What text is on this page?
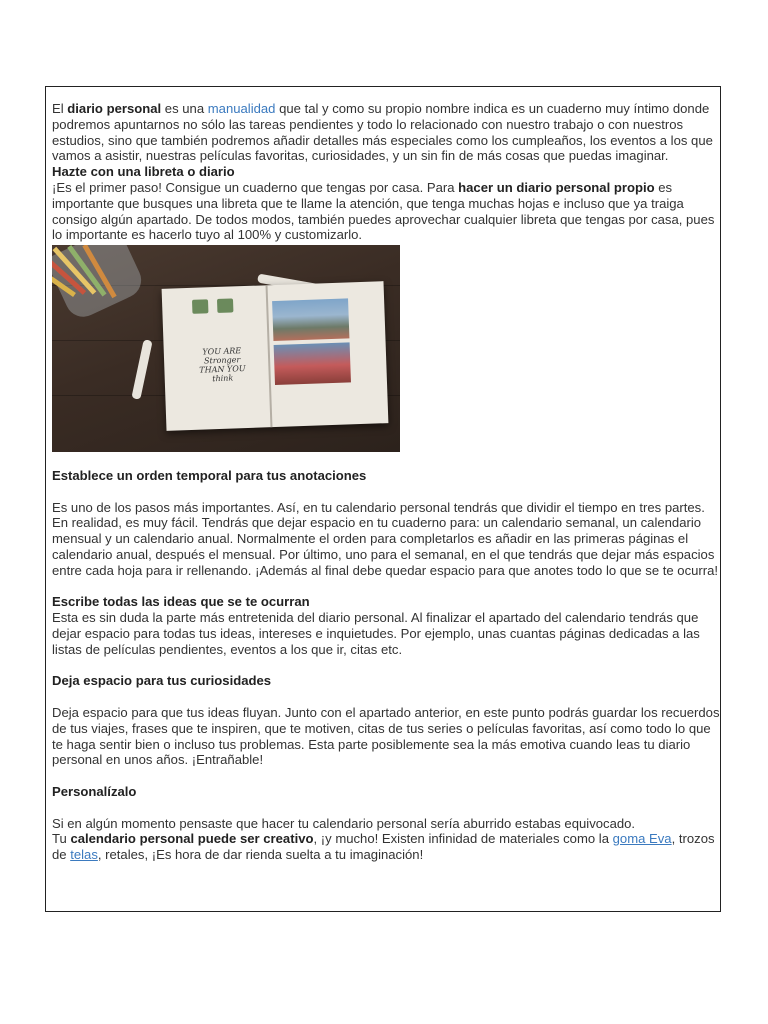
El diario personal es una manualidad que tal y como su propio nombre indica es un cuaderno muy íntimo donde podremos apuntarnos no sólo las tareas pendientes y todo lo relacionado con nuestro trabajo o con nuestros estudios, sino que también podremos añadir detalles más especiales como los cumpleaños, los eventos a los que vamos a asistir, nuestras películas favoritas, curiosidades, y un sin fin de más cosas que puedas imaginar.

Hazte con una libreta o diario

¡Es el primer paso! Consigue un cuaderno que tengas por casa. Para hacer un diario personal propio es importante que busques una libreta que te llame la atención, que tenga muchas hojas e incluso que ya traiga consigo algún apartado. De todos modos, también puedes aprovechar cualquier libreta que tengas por casa, pues lo importante es hacerlo tuyo al 100% y customizarlo.

YOU ARE
Stronger
THAN YOU
think

Establece un orden temporal para tus anotaciones

Es uno de los pasos más importantes. Así, en tu calendario personal tendrás que dividir el tiempo en tres partes. En realidad, es muy fácil. Tendrás que dejar espacio en tu cuaderno para: un calendario semanal, un calendario mensual y un calendario anual. Normalmente el orden para completarlos es añadir en las primeras páginas el calendario anual, después el mensual. Por último, uno para el semanal, en el que tendrás que dejar más espacios entre cada hoja para ir rellenando. ¡Además al final debe quedar espacio para que anotes todo lo que se te ocurra!

Escribe todas las ideas que se te ocurran

Esta es sin duda la parte más entretenida del diario personal. Al finalizar el apartado del calendario tendrás que dejar espacio para todas tus ideas, intereses e inquietudes. Por ejemplo, unas cuantas páginas dedicadas a las listas de películas pendientes, eventos a los que ir, citas etc.

Deja espacio para tus curiosidades

Deja espacio para que tus ideas fluyan. Junto con el apartado anterior, en este punto podrás guardar los recuerdos de tus viajes, frases que te inspiren, que te motiven, citas de tus series o películas favoritas, así como todo lo que te haga sentir bien o incluso tus problemas. Esta parte posiblemente sea la más emotiva cuando leas tu diario personal en unos años. ¡Entrañable!

Personalízalo

Si en algún momento pensaste que hacer tu calendario personal sería aburrido estabas equivocado.

Tu calendario personal puede ser creativo, ¡y mucho! Existen infinidad de materiales como la goma Eva, trozos de telas, retales, ¡Es hora de dar rienda suelta a tu imaginación!
